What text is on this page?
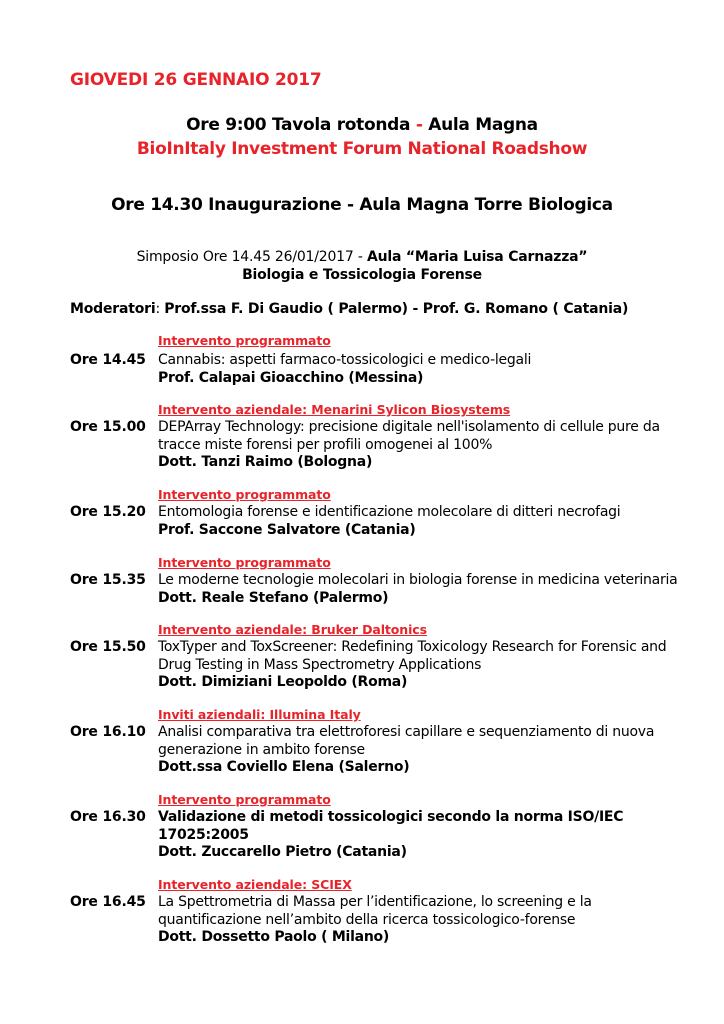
GIOVEDI 26 GENNAIO 2017
Ore 9:00 Tavola rotonda - Aula Magna
BioInItaly Investment Forum National Roadshow
Ore 14.30 Inaugurazione - Aula Magna Torre Biologica
Simposio Ore 14.45 26/01/2017 - Aula “Maria Luisa Carnazza”
Biologia e Tossicologia Forense
Moderatori: Prof.ssa F. Di Gaudio ( Palermo) - Prof. G. Romano ( Catania)
Intervento programmato
Ore 14.45 Cannabis: aspetti farmaco-tossicologici e medico-legali
Prof. Calapai Gioacchino (Messina)
Intervento aziendale: Menarini Sylicon Biosystems
Ore 15.00 DEPArray Technology: precisione digitale nell'isolamento di cellule pure da
tracce miste forensi per profili omogenei al 100%
Dott. Tanzi Raimo (Bologna)
Intervento programmato
Ore 15.20 Entomologia forense e identificazione molecolare di ditteri necrofagi
Prof. Saccone Salvatore (Catania)
Intervento programmato
Ore 15.35 Le moderne tecnologie molecolari in biologia forense in medicina veterinaria
Dott. Reale Stefano (Palermo)
Intervento aziendale: Bruker Daltonics
Ore 15.50 ToxTyper and ToxScreener: Redefining Toxicology Research for Forensic and
Drug Testing in Mass Spectrometry Applications
Dott. Dimiziani Leopoldo (Roma)
Inviti aziendali: Illumina Italy
Ore 16.10 Analisi comparativa tra elettroforesi capillare e sequenziamento di nuova
generazione in ambito forense
Dott.ssa Coviello Elena (Salerno)
Intervento programmato
Ore 16.30 Validazione di metodi tossicologici secondo la norma ISO/IEC
17025:2005
Dott. Zuccarello Pietro (Catania)
Intervento aziendale: SCIEX
Ore 16.45 La Spettrometria di Massa per l’identificazione, lo screening e la
quantificazione nell’ambito della ricerca tossicologico-forense
Dott. Dossetto Paolo ( Milano)
